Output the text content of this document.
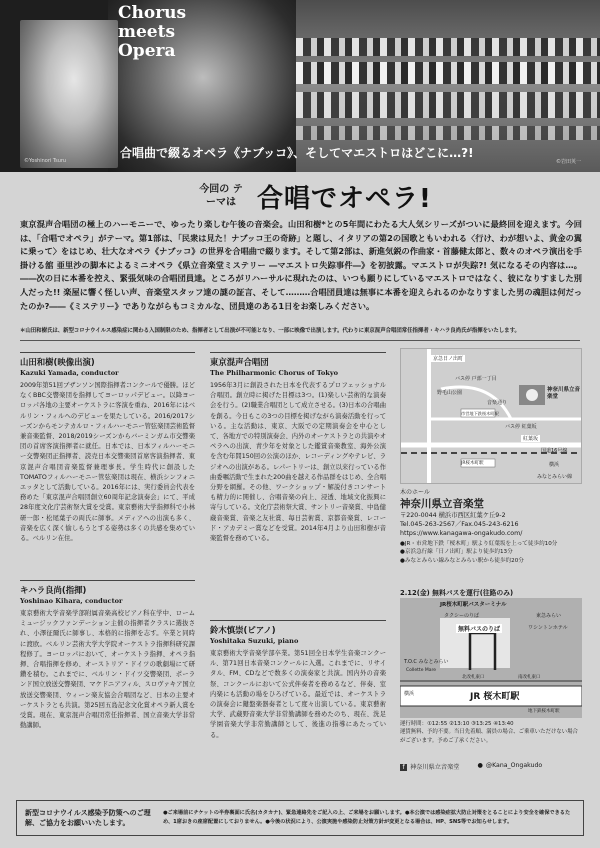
Chorus meets Opera
合唱曲で綴るオペラ《ナブッコ》、そしてマエストロはどこに…?!
©Yoshinori Tsuru	©岩田英一
今回の テーマは 合唱でオペラ!
東京混声合唱団の極上のハーモニーで、ゆったり楽しむ午後の音楽会。山田和樹*との5年間にわたる大人気シリーズがついに最終回を迎えます。今回は、「合唱でオペラ」がテーマ。第1部は、「民衆は見た！ナブッコ王の奇跡」と題し、イタリアの第2の国歌ともいわれる〈行け、わが想いよ、黄金の翼に乗って〉をはじめ、壮大なオペラ《ナブッコ》の世界を合唱曲で綴ります。そして第2部は、新進気鋭の作曲家・首藤健太郎と、数々のオペラ演出を手掛ける舘 亜里沙の脚本によるミニオペラ《県立音楽堂ミステリー ―マエストロ失踪事件―》を初披露。マエストロが失踪?! 気になるその内容は…。――次の日に本番を控え、緊張気味の合唱団員達。ところがリハーサルに現れたのは、いつも願りにしているマエストロではなく、彼になりすました別人だった!! 楽屋に響く怪しい声、音楽堂スタッフ達の謎の証言、そして………合唱団員達は無事に本番を迎えられるのかなりすました男の魂胆は何だったのか?――《ミステリー》でありながらもコミカルな、団員達のある1日をお楽しみください。
＊山田和樹氏は、新型コロナウイルス感染症に関わる入国制限のため、指揮者として出演が不可能となり、一部に映像で出演します。代わりに東京混声合唱団常任指揮者・キハラ良尚氏が指揮をいたします。
山田和樹(映像出演)
Kazuki Yamada, conductor

2009年第51回ブザンソン国際指揮者コンクールで優勝。ほどなくBBC交響楽団を指揮してヨーロッパデビュー。以降ヨーロッパ各地の主要オーケストラに客演を重ね、2016年にはベルリン・フィルへのデビューを果たしている。2016/2017シーズンからモンテカルロ・フィルハーモニー管弦楽団芸術監督兼音楽監督、2018/2019シーズンからバーミンガム市交響楽団の首席客演指揮者に就任。日本では、日本フィルハーモニー交響楽団正指揮者、読売日本交響楽団首席客演指揮者、東京混声合唱団音楽監督兼理事長。学生時代に創設したTOMATOフィルハーモニー管弦楽団は現在、横浜シンフォニエッタとして活動している。2016年には、実行委員会代表を務めた「東京混声合唱団創立60周年記念演奏会」にて、平成28年度文化庁芸術祭大賞を受賞。東京藝術大学指揮科で小林研一郎・松尾葉子の両氏に師事。メディアへの出演も多く、音楽を広く深く愉しもうとする姿勢は多くの共感を集めている。ベルリン在住。

キハラ良尚(指揮)
Yoshinao Kihara, conductor

東京藝術大学音楽学部附属音楽高校ピアノ科在学中、ロームミュージックファンデーション主催の指揮者クラスに選抜され、小澤征爾氏に師事し、本格的に指揮を志す。卒業と同時に渡欧。ベルリン芸術大学大学院オーケストラ指揮科研究課程修了。ヨーロッパにおいて、オーケストラ指揮、オペラ指揮、合唱指揮を修め、オーストリア・ドイツの歌劇場にて研鑽を積む。これまでに、ベルリン・ドイツ交響楽団、ポーランド国立放送交響楽団、マケドニアフィル、スロヴァキア国立放送交響楽団、ウィーン楽友協会合唱団など、日本の主要オーケストラとも共演。第25回五島記念文化賞オペラ新人賞を受賞。現在、東京混声合唱団常任指揮者、国立音楽大学非常勤講師。

東京混声合唱団
The Philharmonic Chorus of Tokyo

1956年3月に創設された日本を代表するプロフェッショナル合唱団。創立時に掲げた目標は3つ。(1)楽しい芸術的な演奏会を行う。(2)職業合唱団として成立させる。(3)日本の合唱曲を創る。今日もこの3つの目標を掲げながら演奏活動を行っている。主な活動は、東京、大阪での定期演奏会を中心として、各地方での特別演奏会、内外のオーケストラとの共演やオペラへの出演、青少年を対象とした鑑賞音楽教室、海外公演を含む年間150回の公演のほか、レコーディングやテレビ、ラジオへの出演がある。レパートリーは、創立以来行っている作曲委嘱活動で生まれた200曲を越える作品群をはじめ、全合唱分野を網羅。その他、ワークショップ・解説付きコンサートも精力的に開催し、合唱音楽の向上、浸透、地域文化振興に寄与している。文化庁芸術祭大賞、サントリー音楽賞、中島健蔵音楽賞、音楽之友社賞、毎日芸術賞、京都音楽賞、レコード・アカデミー賞などを受賞。2014年4月より山田和樹が音楽監督を務めている。

鈴木慎崇(ピアノ)
Yoshitaka Suzuki, piano

東京藝術大学音楽学部卒業。第51回全日本学生音楽コンクール、第71回日本音楽コンクールに入選。これまでに、リサイタル、FM、CDなどで数多くの演奏家と共演。国内外の音楽祭、コンクールにおいて公式伴奏者を務めるなど、伴奏、室内楽にも活動の場をひろげている。最近では、オーケストラの演奏会に鍵盤楽器奏者として度々出演している。東京藝術大学、武蔵野音楽大学非常勤講師を務めたのち、現在、洗足学園音楽大学非常勤講師として、後進の指導にあたっている。

京急日ノ出町
バス停 戸部一丁目
野毛山公園
音楽通り
神奈川県立音楽堂
市営地下鉄桜木町駅
バス停 紅葉坂
紅葉坂
国道16号線
JR桜木町駅	横浜
みなとみらい線
木のホール
神奈川県立音楽堂
〒220-0044 横浜市西区紅葉ケ丘9-2
Tel.045-263-2567／Fax.045-243-6216
https://www.kanagawa-ongakudo.com/
●JR・市営地下鉄「桜木町」駅より紅葉坂を上って徒歩約10分
●京浜急行線「日ノ出町」駅より徒歩約13分
●みなとみらい線みなとみらい駅から徒歩約20分
2.12(金) 無料バスを運行(往路のみ)
JR桜木町駅バスターミナル
タクシーのりば
無料バスのりば
東急みらい
ワシントンホテル
T.O.C みなとみらい
Collette Mare
北改札東口	南改札東口
JR 桜木町駅
横浜
地下鉄桜木町駅
運行時間：①12:55 ②13:10 ③13:25 ④13:40
運賃無料、予約不要。当日先着順、満員の場合、ご乗車いただけない場合がございます。予めご了承ください。
f 神奈川県立音楽堂	● @Kana_Ongakudo
新型コロナウイルス感染予防策へのご理解、ご協力をお願いいたします。
●ご来場前にチケットの半券裏面に氏名(カタカナ)、緊急連絡先をご記入の上、ご来場をお願いします。●本公演では感染症拡大防止対策をとることにより安全を確保できるため、1席おきの座席配置にしておりません。●今後の状況により、公演実施や感染防止対策方針が変更となる場合は、HP、SNS等でお知らせします。
